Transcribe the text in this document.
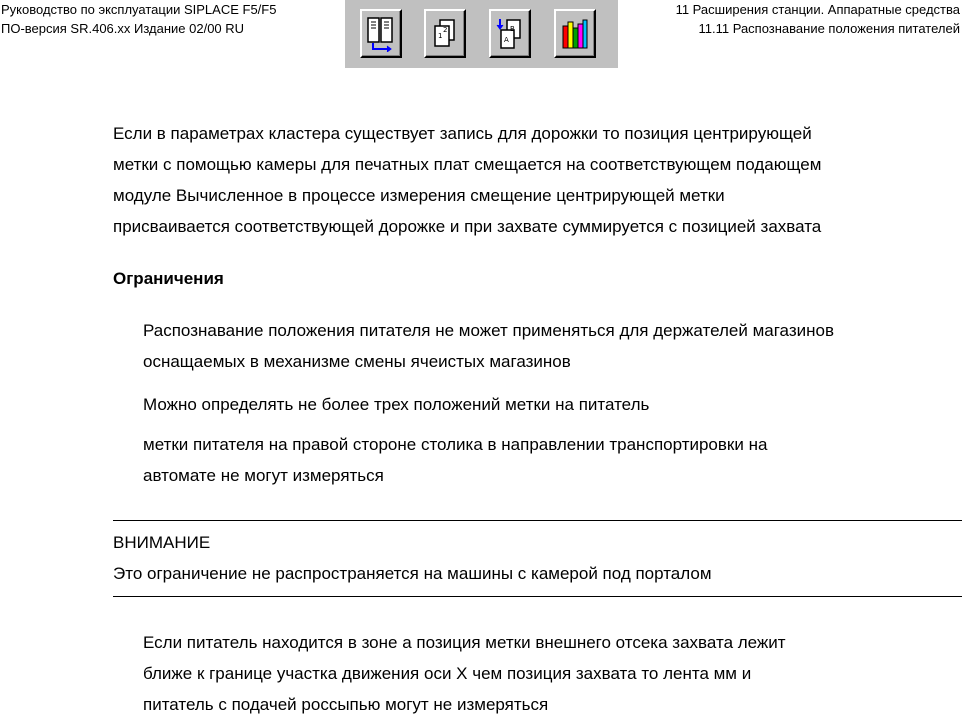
Руководство по эксплуатации SIPLACE F5/F5
ПО-версия SR.406.xx Издание 02/00 RU	2
1
B
A
11 Расширения станции. Аппаратные средства
11.11 Распознавание положения питателей
Если в параметрах кластера существует запись для дорожки то позиция центрирующей
метки с помощью камеры для печатных плат смещается на соответствующем подающем
модуле Вычисленное в процессе измерения смещение центрирующей метки
присваивается соответствующей дорожке и при захвате суммируется с позицией захвата
Ограничения
Распознавание положения питателя не может применяться для держателей магазинов
оснащаемых в механизме смены ячеистых магазинов
Можно определять не более трех положений метки на питатель
метки питателя на правой стороне столика в направлении транспортировки на
автомате не могут измеряться
ВНИМАНИЕ
Это ограничение не распространяется на машины с камерой под порталом
Если питатель находится в зоне а позиция метки внешнего отсека захвата лежит
ближе к границе участка движения оси X чем позиция захвата то лента мм и
питатель с подачей россыпью могут не измеряться
